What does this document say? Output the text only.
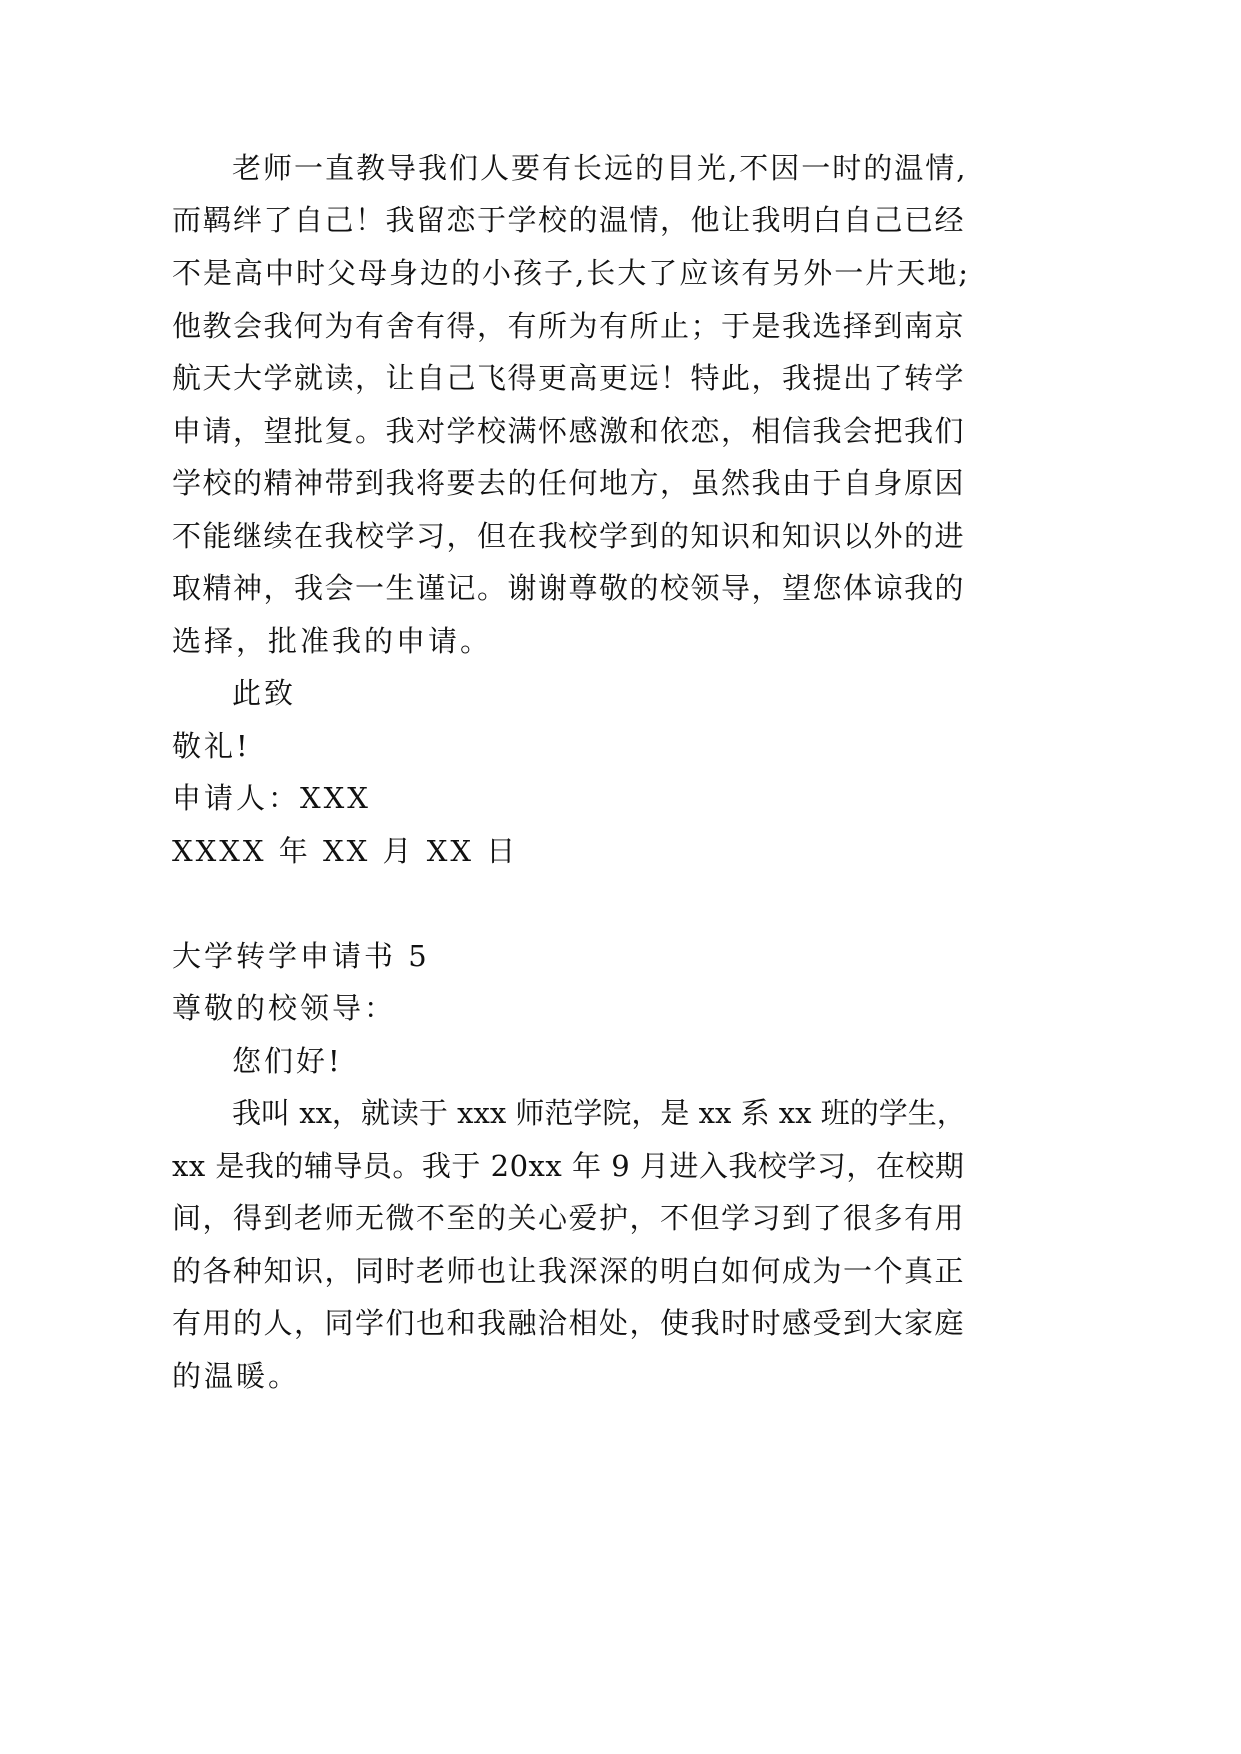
老师一直教导我们人要有长远的目光,不因一时的温情,
而羁绊了自己！我留恋于学校的温情，他让我明白自己已经
不是高中时父母身边的小孩子,长大了应该有另外一片天地;
他教会我何为有舍有得，有所为有所止；于是我选择到南京
航天大学就读，让自己飞得更高更远！特此，我提出了转学
申请，望批复。我对学校满怀感激和依恋，相信我会把我们
学校的精神带到我将要去的任何地方，虽然我由于自身原因
不能继续在我校学习，但在我校学到的知识和知识以外的进
取精神，我会一生谨记。谢谢尊敬的校领导，望您体谅我的
选择，批准我的申请。
此致
敬礼!
申请人：XXX
XXXX 年 XX 月 XX 日
大学转学申请书 5
尊敬的校领导：
您们好!
我叫 xx，就读于 xxx 师范学院，是 xx 系 xx 班的学生，
xx 是我的辅导员。我于 20xx 年 9 月进入我校学习，在校期
间，得到老师无微不至的关心爱护，不但学习到了很多有用
的各种知识，同时老师也让我深深的明白如何成为一个真正
有用的人，同学们也和我融洽相处，使我时时感受到大家庭
的温暖。
